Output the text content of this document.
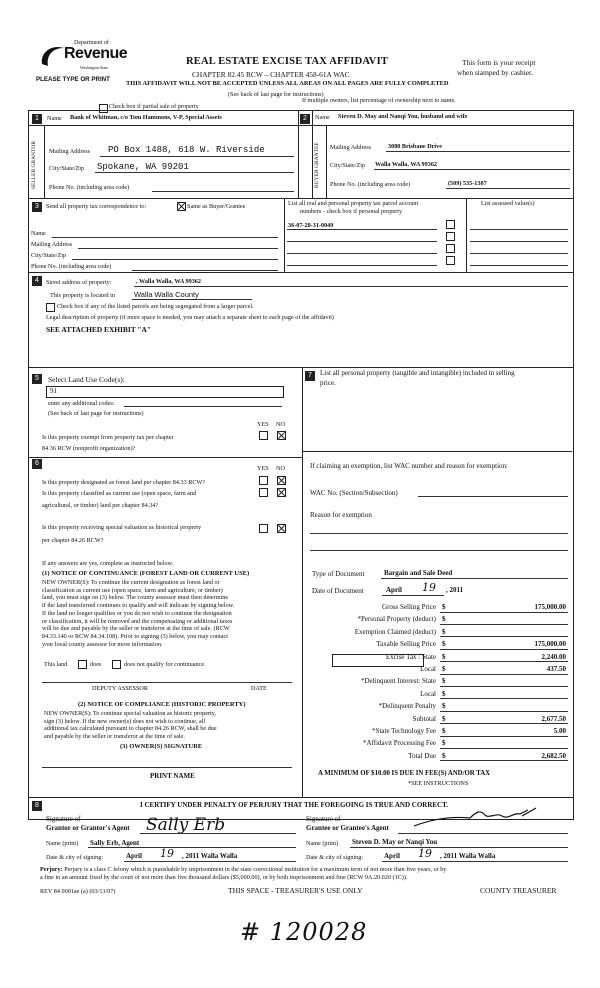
Department of
Revenue
Washington State
PLEASE TYPE OR PRINT
REAL ESTATE EXCISE TAX AFFIDAVIT
CHAPTER 82.45 RCW – CHAPTER 458-61A WAC
THIS AFFIDAVIT WILL NOT BE ACCEPTED UNLESS ALL AREAS ON ALL PAGES ARE FULLY COMPLETED
(See back of last page for instructions)
This form is your receipt
when stamped by cashier.
Check box if partial sale of property
If multiple owners, list percentage of ownership next to name.
1	Name Bank of Whitman, c/o Tom Hammons, V-P, Special Assets
SELLER GRANTOR Mailing Address PO Box 1488, 618 W. Riverside
City/State/Zip Spokane, WA 99201
Phone No. (including area code)
2	Name Steven D. May and Nanqi You, husband and wife
BUYER GRANTEE Mailing Address	3080 Brisbane Drive
City/State/Zip Walla Walla, WA 99362
Phone No. (including area code)	(509) 535-1307
3	Send all property tax correspondence to:	Same as Buyer/Grantee
Name
Mailing Address
City/State/Zip
Phone No. (including area code)
List all real and personal property tax parcel account
numbers - check box if personal property
36-07-28-31-0049
List assessed value(s)
4	Street address of property:	, Walla Walla, WA 99362
This property is located in	Walla Walla County
Check box if any of the listed parcels are being segregated from a larger parcel.
Legal description of property (if more space is needed, you may attach a separate sheet to each page of the affidavit)
SEE ATTACHED EXHIBIT "A"
5	Select Land Use Code(s):
91
enter any additional codes:
(See back of last page for instructions)
YES NO
Is this property exempt from property tax per chapter
84.36 RCW (nonprofit organization)?
6
YES NO
Is this property designated as forest land per chapter 84.33 RCW?
Is this property classified as current use (open space, farm and
agricultural, or timber) land per chapter 84.34?
Is this property receiving special valuation as historical property
per chapter 84.26 RCW?
If any answers are yes, complete as instructed below.
(1) NOTICE OF CONTINUANCE (FOREST LAND OR CURRENT USE)
NEW OWNER(S): To continue the current designation as forest land or
classification as current use (open space, farm and agriculture, or timber)
land, you must sign on (3) below. The county assessor must then determine
if the land transferred continues to qualify and will indicate by signing below.
If the land no longer qualifies or you do not wish to continue the designation
or classification, it will be removed and the compensating or additional taxes
will be due and payable by the seller or transferor at the time of sale. (RCW
84.33.140 or RCW 84.34.108). Prior to signing (3) below, you may contact
your local county assessor for more information.
This land	does	does not qualify for continuance.
DEPUTY ASSESSOR	DATE
(2) NOTICE OF COMPLIANCE (HISTORIC PROPERTY)
NEW OWNER(S): To continue special valuation as historic property,
sign (3) below. If the new owner(s) does not wish to continue, all
additional tax calculated pursuant to chapter 84.26 RCW, shall be due
and payable by the seller or transferor at the time of sale.
(3) OWNER(S) SIGNATURE
PRINT NAME
7	List all personal property (tangible and intangible) included in selling
price.
If claiming an exemption, list WAC number and reason for exemption:
WAC No. (Section/Subsection)
Reason for exemption
Type of Document	Bargain and Sale Deed
Date of Document	April 19 , 2011
Gross Selling Price $	175,000.00
*Personal Property (deduct) $
Exemption Claimed (deduct) $
Taxable Selling Price $	175,000.00
Excise Tax : State $	2,240.00
Local $	437.50
*Delinquent Interest: State $
Local $
*Delinquent Penalty $
Subtotal $	2,677.50
*State Technology Fee $	5.00
*Affidavit Processing Fee $
Total Due $	2,682.50
A MINIMUM OF $10.00 IS DUE IN FEE(S) AND/OR TAX
*SEE INSTRUCTIONS
8	I CERTIFY UNDER PENALTY OF PERJURY THAT THE FOREGOING IS TRUE AND CORRECT.
Signature of
Grantor or Grantor's Agent Sally Erb
Name (print) Sally Erb, Agent
Date & city of signing:	April 19 , 2011 Walla Walla
Signature of
Grantee or Grantee's Agent
Name (print) Steven D. May or Nanqi You
Date & city of signing:	April 19 , 2011 Walla Walla
Perjury: Perjury is a class C felony which is punishable by imprisonment in the state correctional institution for a maximum term of not more than five years, or by
a fine in an amount fixed by the court of not more than five thousand dollars ($5,000.00), or by both imprisonment and fine (RCW 9A.20.020 (1C)).
REV 84 0001ae (a) (03/13/07)	THIS SPACE - TREASURER'S USE ONLY	COUNTY TREASURER
# 120028
